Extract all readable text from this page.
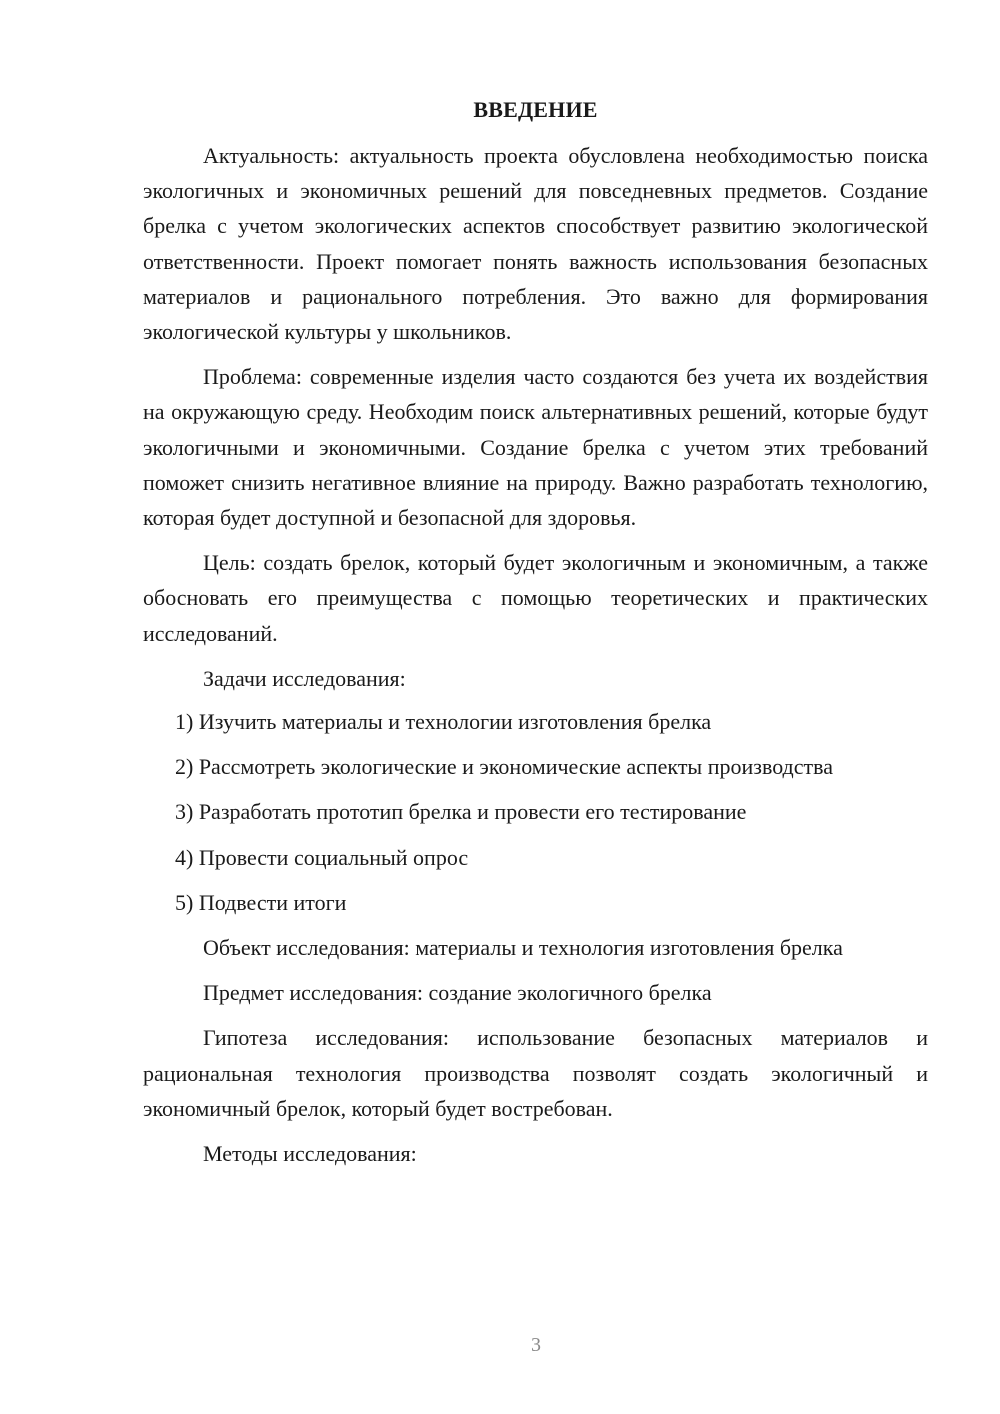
ВВЕДЕНИЕ

Актуальность: актуальность проекта обусловлена необходимостью поиска экологичных и экономичных решений для повседневных предметов. Создание брелка с учетом экологических аспектов способствует развитию экологической ответственности. Проект помогает понять важность использования безопасных материалов и рационального потребления. Это важно для формирования экологической культуры у школьников.

Проблема: современные изделия часто создаются без учета их воздействия на окружающую среду. Необходим поиск альтернативных решений, которые будут экологичными и экономичными. Создание брелка с учетом этих требований поможет снизить негативное влияние на природу. Важно разработать технологию, которая будет доступной и безопасной для здоровья.

Цель: создать брелок, который будет экологичным и экономичным, а также обосновать его преимущества с помощью теоретических и практических исследований.

Задачи исследования:

1) Изучить материалы и технологии изготовления брелка
2) Рассмотреть экологические и экономические аспекты производства
3) Разработать прототип брелка и провести его тестирование
4) Провести социальный опрос
5) Подвести итоги

Объект исследования: материалы и технология изготовления брелка

Предмет исследования: создание экологичного брелка

Гипотеза исследования: использование безопасных материалов и рациональная технология производства позволят создать экологичный и экономичный брелок, который будет востребован.

Методы исследования:

3
